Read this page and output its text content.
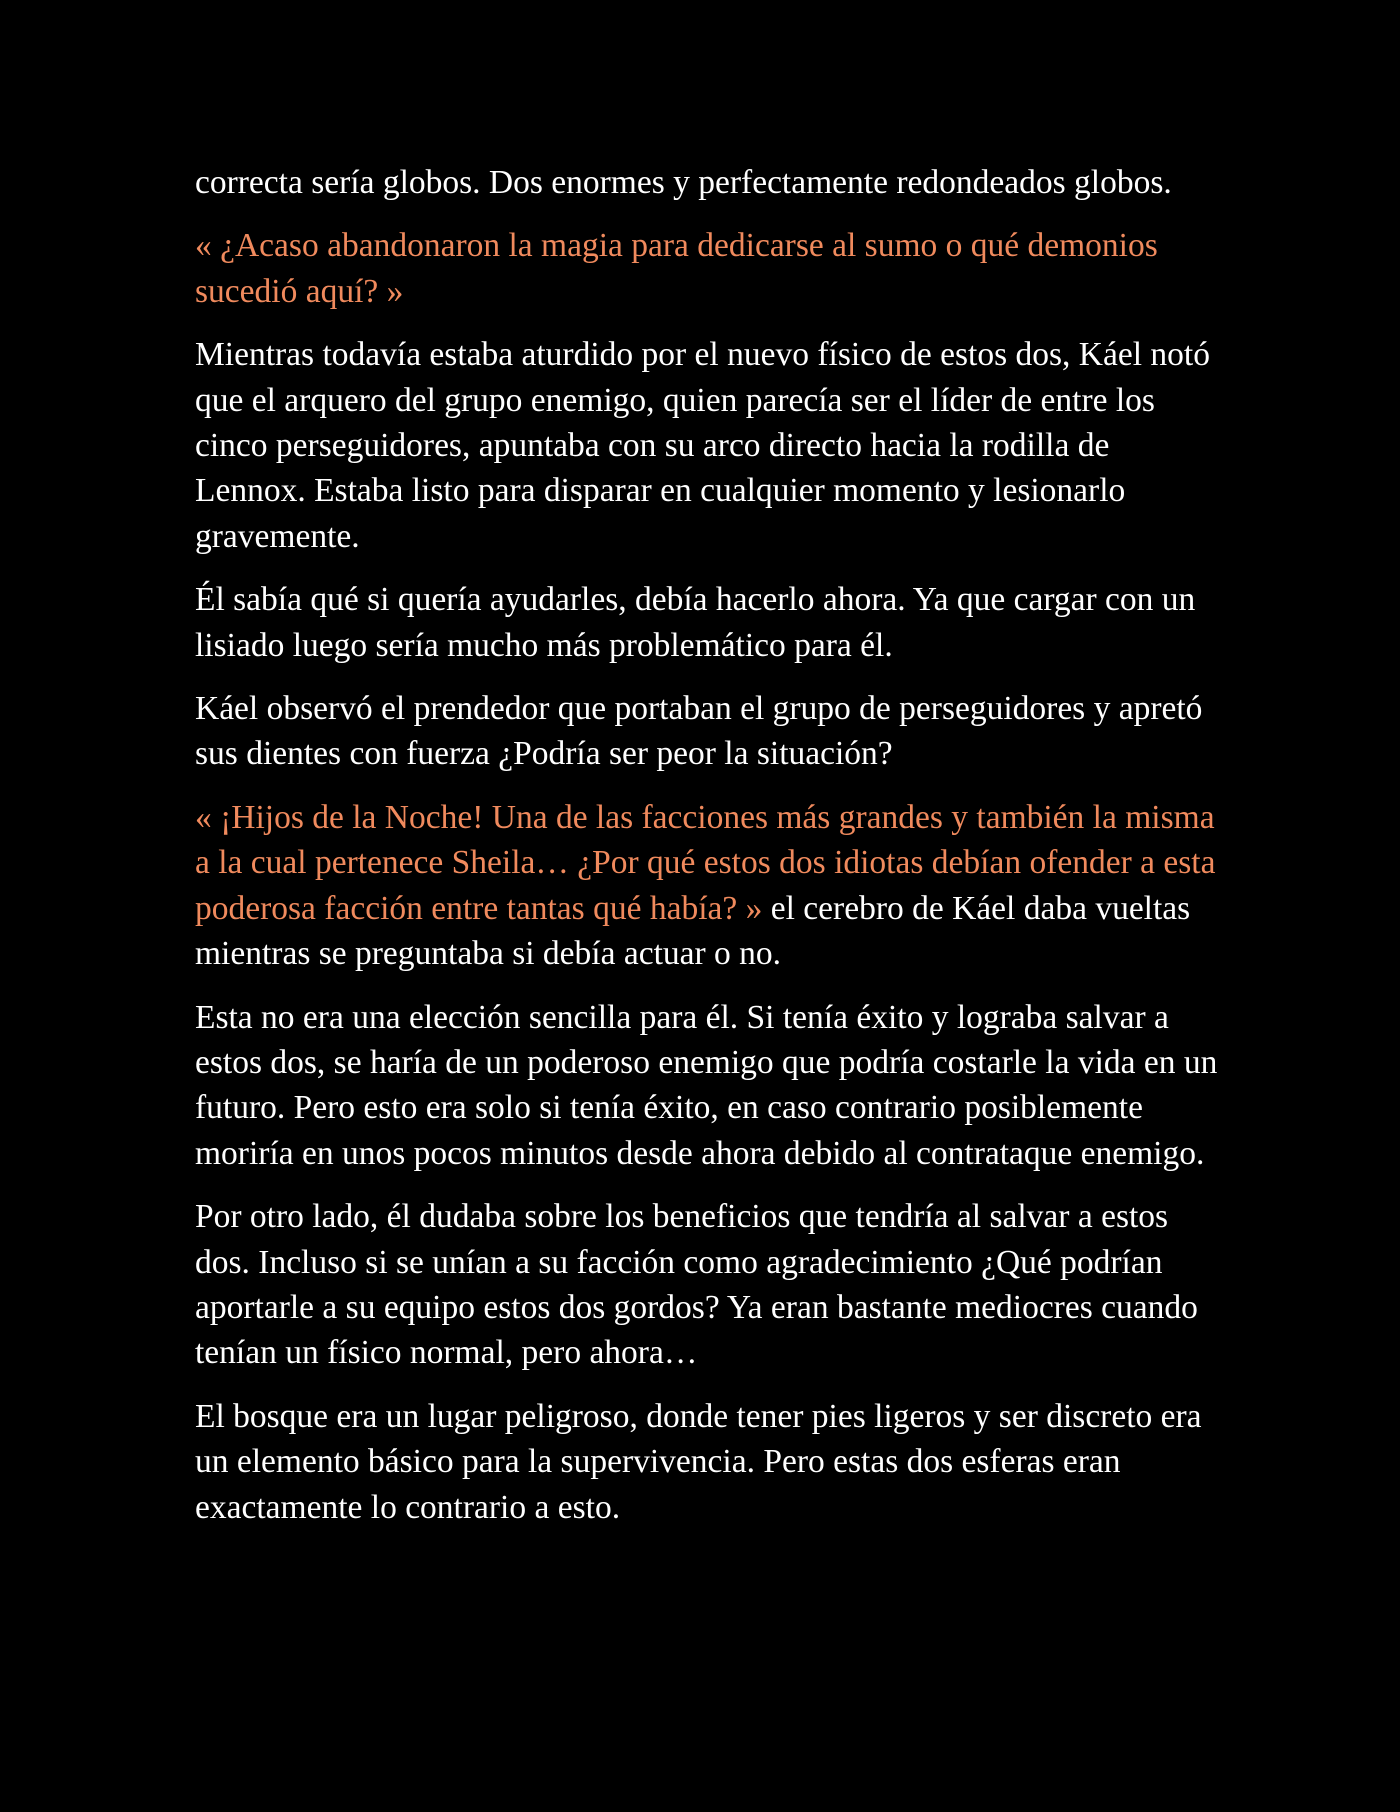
correcta sería globos. Dos enormes y perfectamente redondeados globos.

« ¿Acaso abandonaron la magia para dedicarse al sumo o qué demonios sucedió aquí? »

Mientras todavía estaba aturdido por el nuevo físico de estos dos, Káel notó que el arquero del grupo enemigo, quien parecía ser el líder de entre los cinco perseguidores, apuntaba con su arco directo hacia la rodilla de Lennox. Estaba listo para disparar en cualquier momento y lesionarlo gravemente.

Él sabía qué si quería ayudarles, debía hacerlo ahora. Ya que cargar con un lisiado luego sería mucho más problemático para él.

Káel observó el prendedor que portaban el grupo de perseguidores y apretó sus dientes con fuerza ¿Podría ser peor la situación?

« ¡Hijos de la Noche! Una de las facciones más grandes y también la misma a la cual pertenece Sheila… ¿Por qué estos dos idiotas debían ofender a esta poderosa facción entre tantas qué había? » el cerebro de Káel daba vueltas mientras se preguntaba si debía actuar o no.

Esta no era una elección sencilla para él. Si tenía éxito y lograba salvar a estos dos, se haría de un poderoso enemigo que podría costarle la vida en un futuro. Pero esto era solo si tenía éxito, en caso contrario posiblemente moriría en unos pocos minutos desde ahora debido al contrataque enemigo.

Por otro lado, él dudaba sobre los beneficios que tendría al salvar a estos dos. Incluso si se unían a su facción como agradecimiento ¿Qué podrían aportarle a su equipo estos dos gordos? Ya eran bastante mediocres cuando tenían un físico normal, pero ahora…

El bosque era un lugar peligroso, donde tener pies ligeros y ser discreto era un elemento básico para la supervivencia. Pero estas dos esferas eran exactamente lo contrario a esto.
